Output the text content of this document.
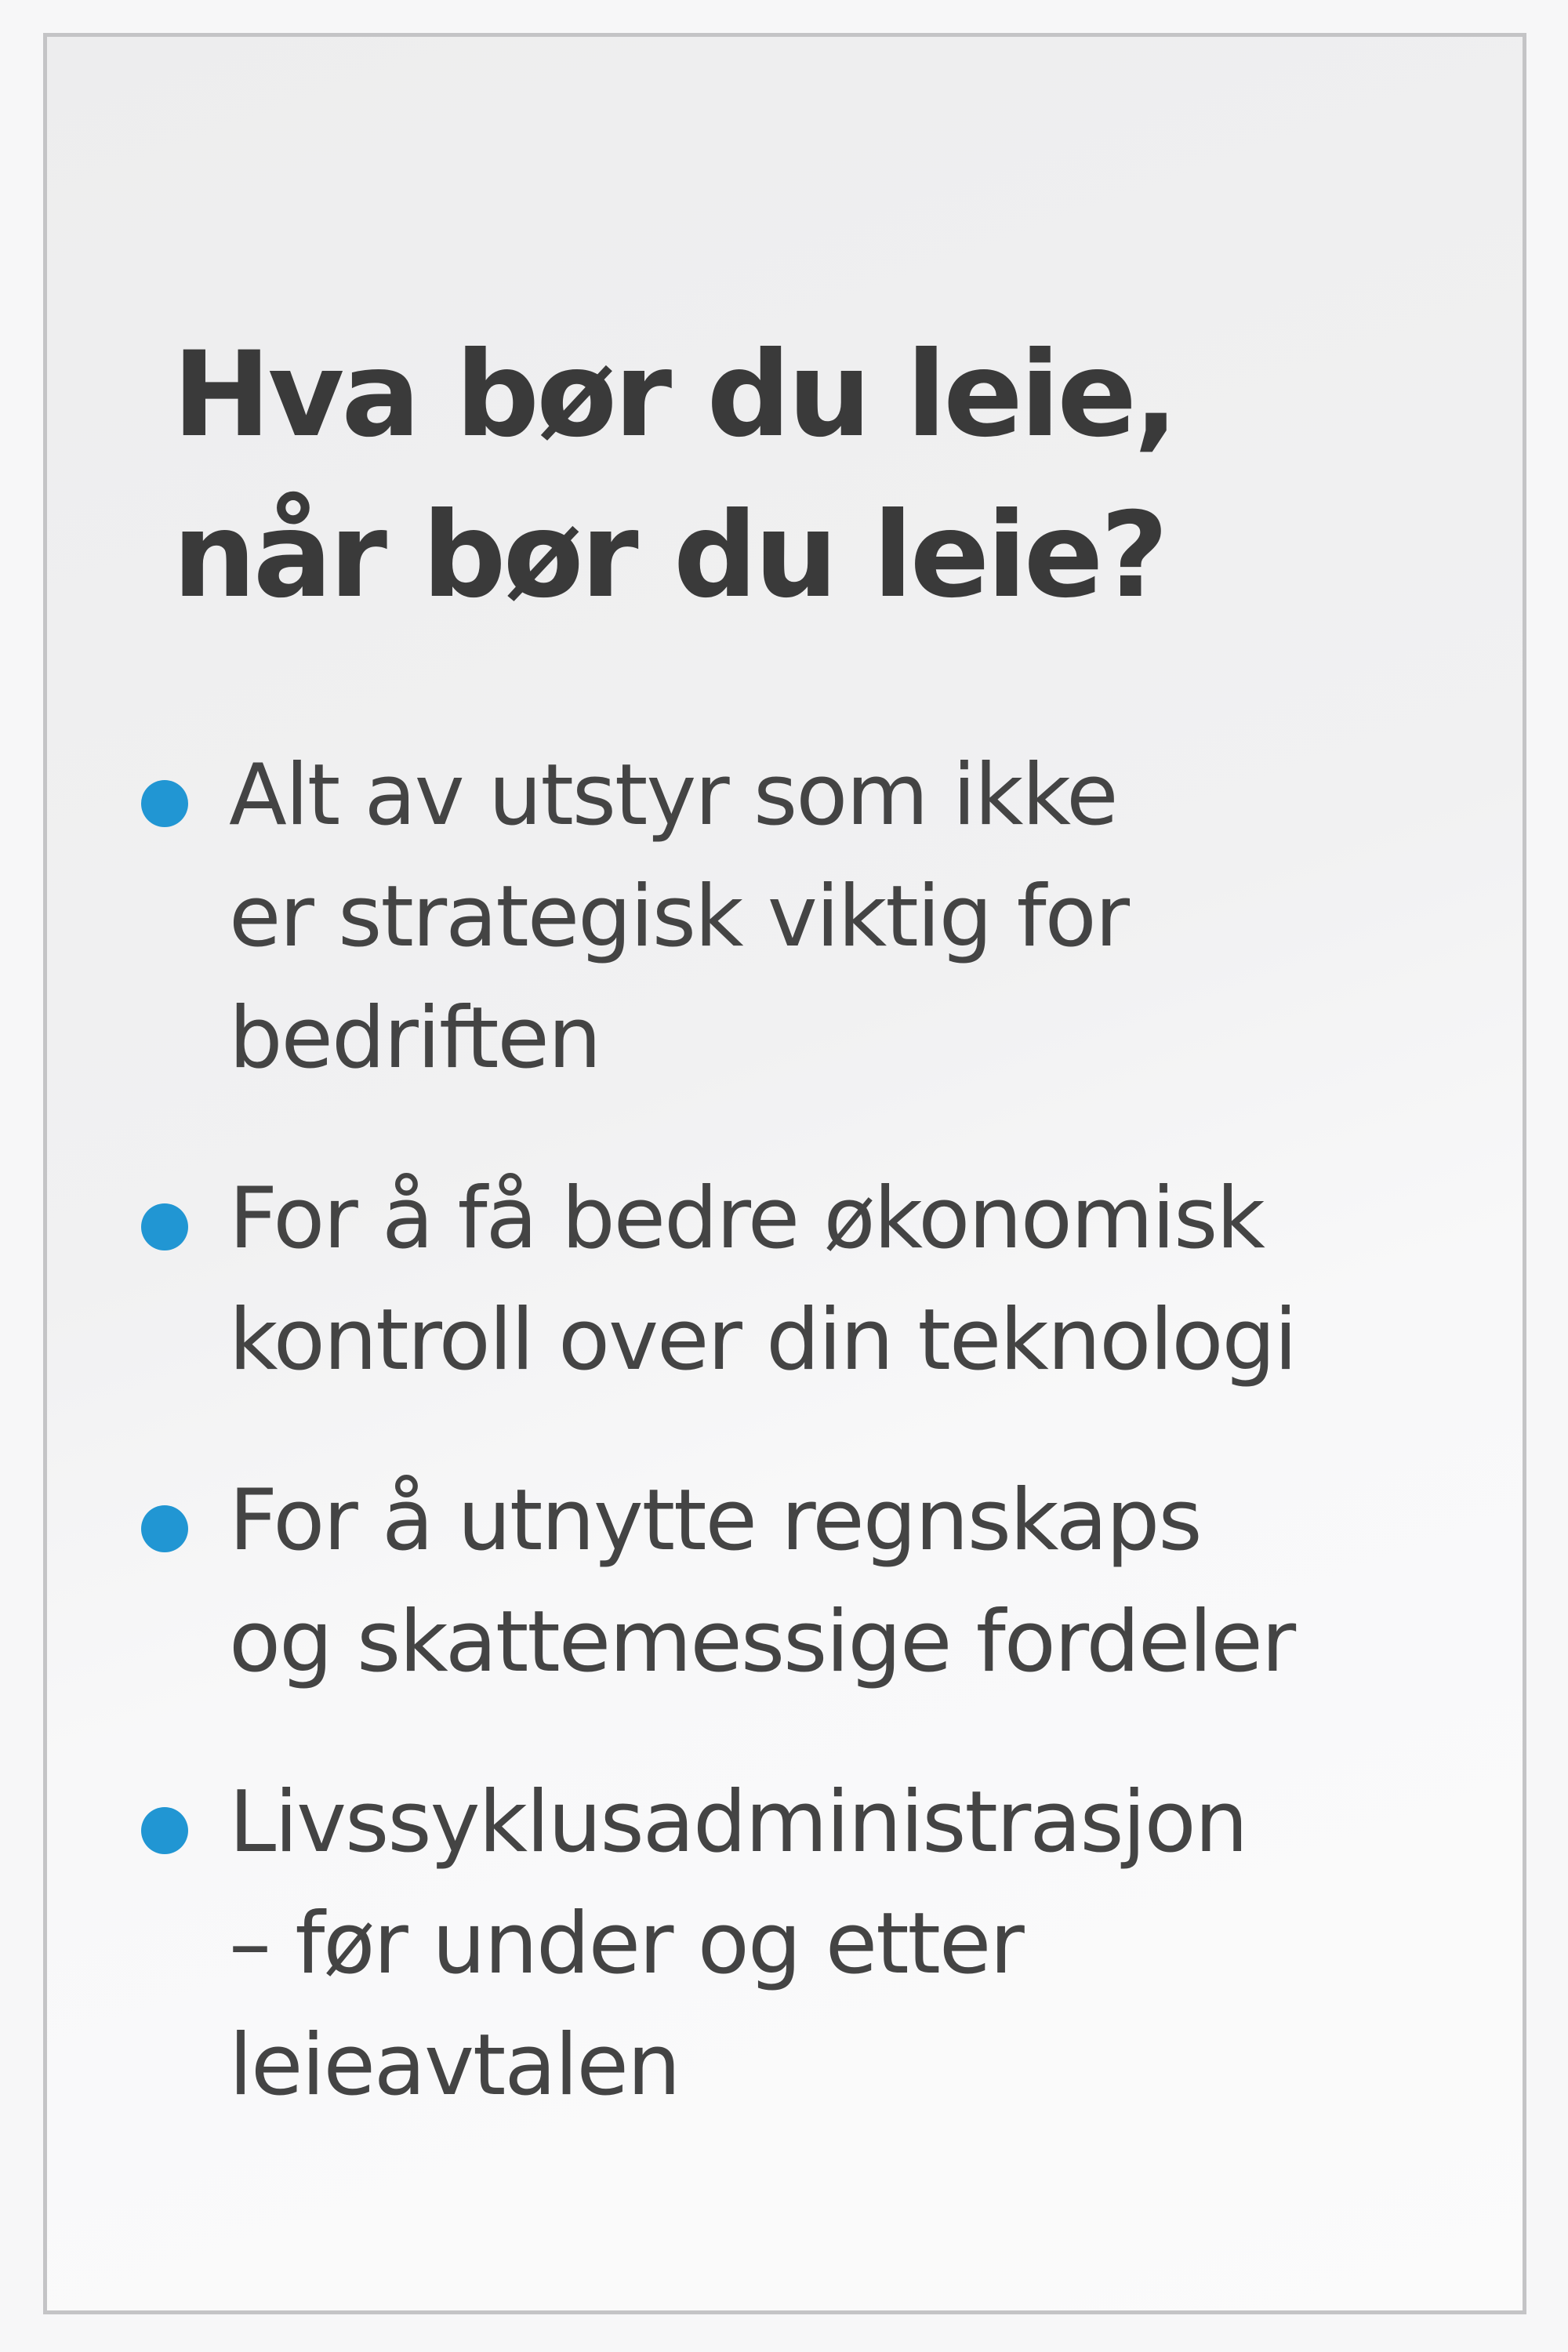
Hva bør du leie,
når bør du leie?
Alt av utstyr som ikke
er strategisk viktig for
bedriften
For å få bedre økonomisk
kontroll over din teknologi
For å utnytte regnskaps
og skattemessige fordeler
Livssyklusadministrasjon
– før under og etter
leieavtalen
